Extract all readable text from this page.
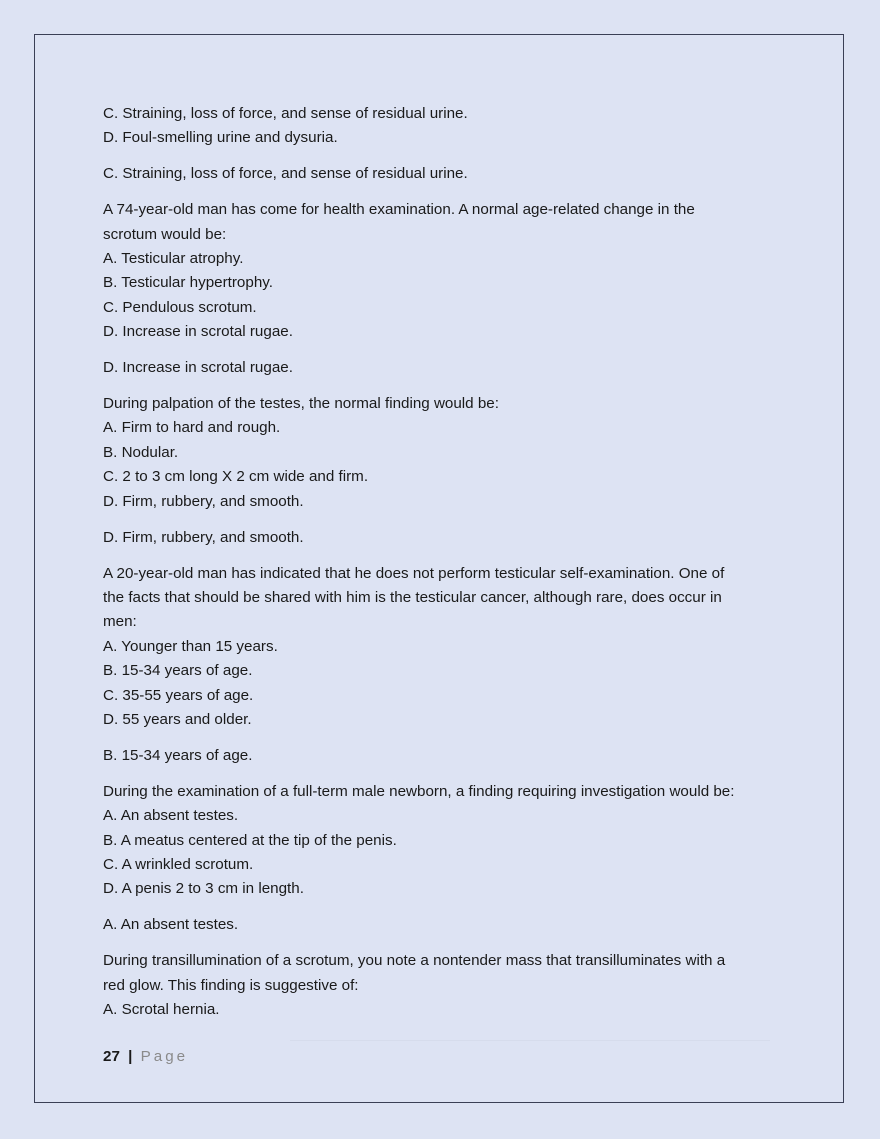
C. Straining, loss of force, and sense of residual urine.
D. Foul-smelling urine and dysuria.
C. Straining, loss of force, and sense of residual urine.
A 74-year-old man has come for health examination. A normal age-related change in the
scrotum would be:
A. Testicular atrophy.
B. Testicular hypertrophy.
C. Pendulous scrotum.
D. Increase in scrotal rugae.
D. Increase in scrotal rugae.
During palpation of the testes, the normal finding would be:
A. Firm to hard and rough.
B. Nodular.
C. 2 to 3 cm long X 2 cm wide and firm.
D. Firm, rubbery, and smooth.
D. Firm, rubbery, and smooth.
A 20-year-old man has indicated that he does not perform testicular self-examination. One of
the facts that should be shared with him is the testicular cancer, although rare, does occur in
men:
A. Younger than 15 years.
B. 15-34 years of age.
C. 35-55 years of age.
D. 55 years and older.
B. 15-34 years of age.
During the examination of a full-term male newborn, a finding requiring investigation would be:
A. An absent testes.
B. A meatus centered at the tip of the penis.
C. A wrinkled scrotum.
D. A penis 2 to 3 cm in length.
A. An absent testes.
During transillumination of a scrotum, you note a nontender mass that transilluminates with a
red glow. This finding is suggestive of:
A. Scrotal hernia.
27 | Page
